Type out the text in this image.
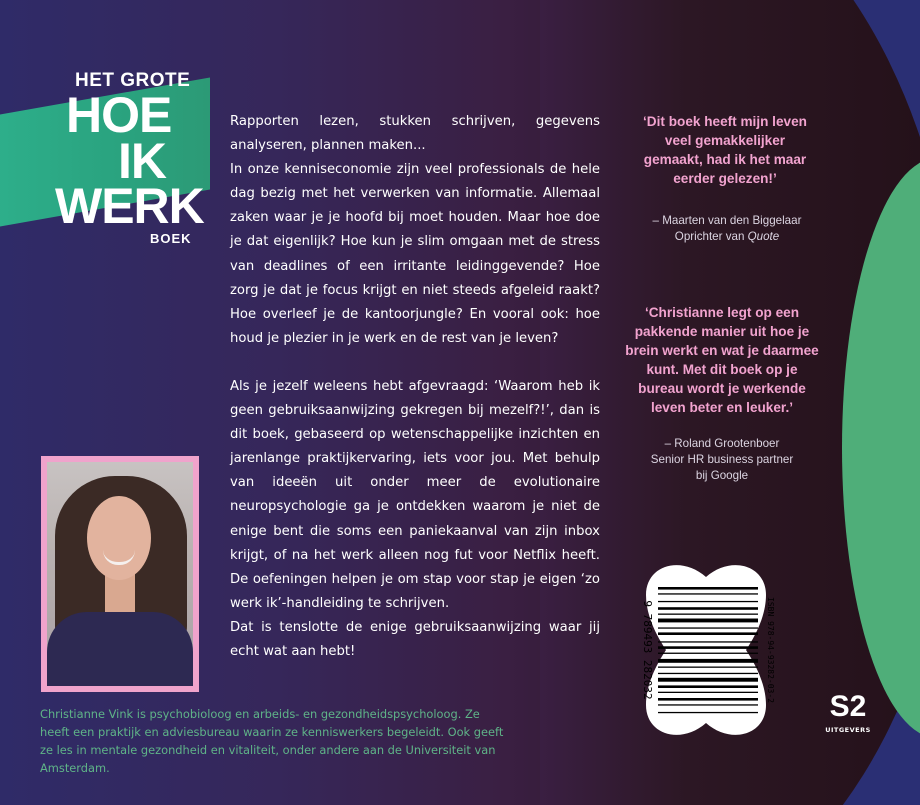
HET GROTE
HOE
IK
WERK
BOEK

Rapporten lezen, stukken schrijven, gegevens analyseren, plannen maken...

In onze kenniseconomie zijn veel professionals de hele dag bezig met het verwerken van informatie. Allemaal zaken waar je je hoofd bij moet houden. Maar hoe doe je dat eigenlijk? Hoe kun je slim omgaan met de stress van deadlines of een irritante leidinggevende? Hoe zorg je dat je focus krijgt en niet steeds afgeleid raakt? Hoe overleef je de kantoorjungle? En vooral ook: hoe houd je plezier in je werk en de rest van je leven?

Als je jezelf weleens hebt afgevraagd: ‘Waarom heb ik geen gebruiksaanwijzing gekregen bij mezelf?!’, dan is dit boek, gebaseerd op wetenschappelijke inzichten en jarenlange praktijkervaring, iets voor jou. Met behulp van ideeën uit onder meer de evolutionaire neuropsychologie ga je ontdekken waarom je niet de enige bent die soms een paniekaanval van zijn inbox krijgt, of na het werk alleen nog fut voor Netflix heeft. De oefeningen helpen je om stap voor stap je eigen ‘zo werk ik’-handleiding te schrijven.

Dat is tenslotte de enige gebruiksaanwijzing waar jij echt wat aan hebt!

‘Dit boek heeft mijn leven veel gemakkelijker gemaakt, had ik het maar eerder gelezen!’
– Maarten van den Biggelaar
Oprichter van Quote
‘Christianne legt op een pakkende manier uit hoe je brein werkt en wat je daarmee kunt. Met dit boek op je bureau wordt je werkende leven beter en leuker.’
– Roland Grootenboer
Senior HR business partner
bij Google
Christianne Vink is psychobioloog en arbeids- en gezondheidspsycholoog. Ze heeft een praktijk en adviesbureau waarin ze kenniswerkers begeleidt. Ook geeft ze les in mentale gezondheid en vitaliteit, onder andere aan de Universiteit van Amsterdam.
9 789493 282032	ISBN 978-94-93282-03-2
S2
UITGEVERS
